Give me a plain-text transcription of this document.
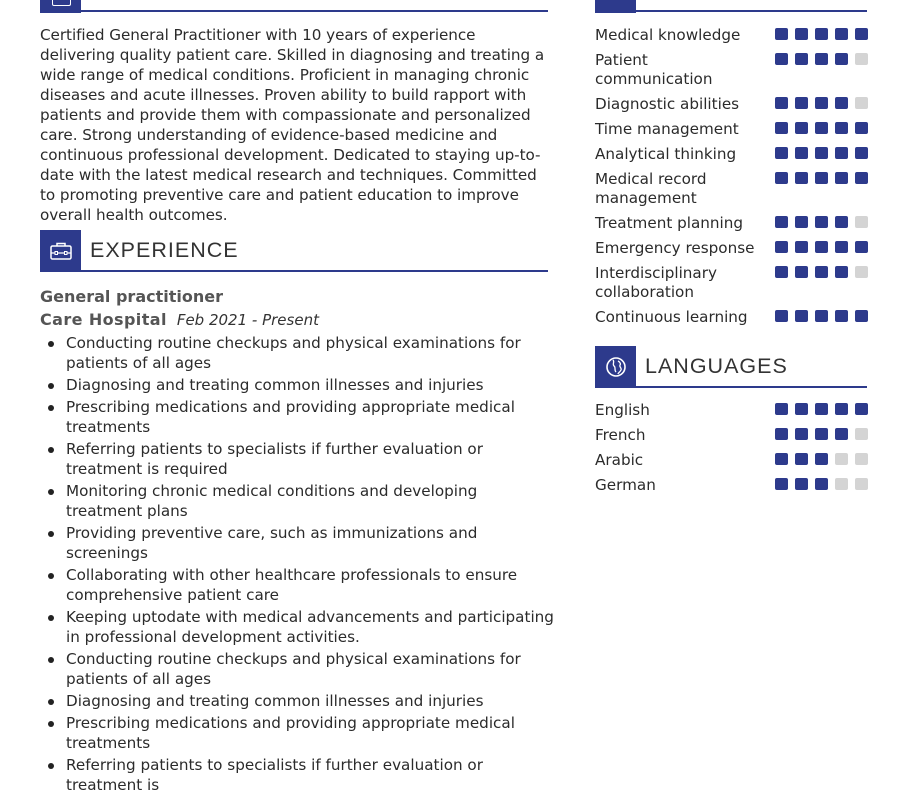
Certified General Practitioner with 10 years of experience delivering quality patient care. Skilled in diagnosing and treating a wide range of medical conditions. Proficient in managing chronic diseases and acute illnesses. Proven ability to build rapport with patients and provide them with compassionate and personalized care. Strong understanding of evidence-based medicine and continuous professional development. Dedicated to staying up-to-date with the latest medical research and techniques. Committed to promoting preventive care and patient education to improve overall health outcomes.

EXPERIENCE
General practitioner
Care Hospital Feb 2021 - Present
Conducting routine checkups and physical examinations for patients of all ages
Diagnosing and treating common illnesses and injuries
Prescribing medications and providing appropriate medical treatments
Referring patients to specialists if further evaluation or treatment is required
Monitoring chronic medical conditions and developing treatment plans
Providing preventive care, such as immunizations and screenings
Collaborating with other healthcare professionals to ensure comprehensive patient care
Keeping uptodate with medical advancements and participating in professional development activities.
Conducting routine checkups and physical examinations for patients of all ages
Diagnosing and treating common illnesses and injuries
Prescribing medications and providing appropriate medical treatments
Referring patients to specialists if further evaluation or treatment is
Medical knowledge
Patient communication
Diagnostic abilities
Time management
Analytical thinking
Medical record management
Treatment planning
Emergency response
Interdisciplinary collaboration
Continuous learning
LANGUAGES
English
French
Arabic
German
